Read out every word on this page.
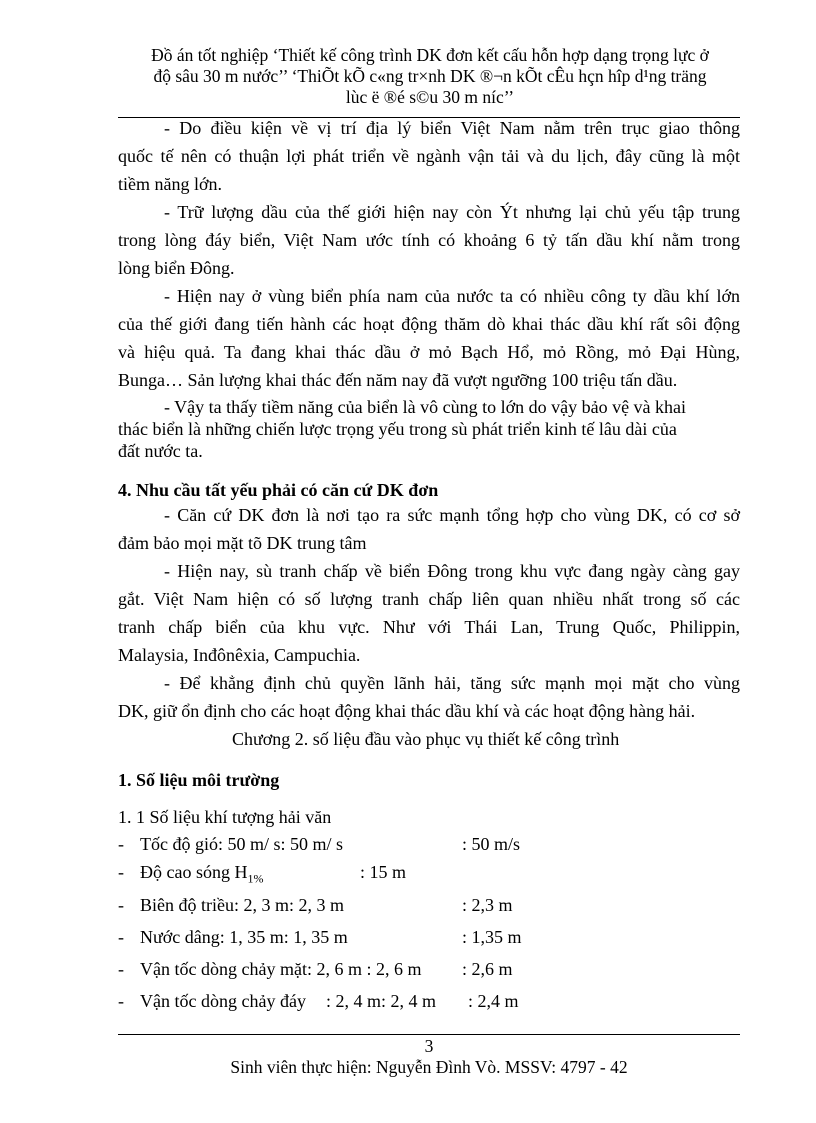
Đồ án tốt nghiệp ‘Thiết kế công trình DK đơn kết cấu hỗn hợp dạng trọng lực ở
độ sâu 30 m nước’’ ‘ThiÕt kÕ c«ng tr×nh DK ®¬n kÕt cÊu hçn hîp d¹ng träng
lùc ë ®é s©u 30 m níc’’
- Do điều kiện về vị trí địa lý biển Việt Nam nằm trên trục giao thông
quốc tế nên có thuận lợi phát triển về ngành vận tải và du lịch, đây cũng là một
tiềm năng lớn.
- Trữ lượng dầu của thế giới hiện nay còn Ýt nhưng lại chủ yếu tập trung
trong lòng đáy biển, Việt Nam ước tính có khoảng 6 tỷ tấn dầu khí nằm trong
lòng biển Đông.
- Hiện nay ở vùng biển phía nam của nước ta có nhiều công ty dầu khí lớn
của thế giới đang tiến hành các hoạt động thăm dò khai thác dầu khí rất sôi động
và hiệu quả. Ta đang khai thác dầu ở mỏ Bạch Hổ, mỏ Rồng, mỏ Đại Hùng,
Bunga… Sản lượng khai thác đến năm nay đã vượt ngưỡng 100 triệu tấn dầu.
- Vậy ta thấy tiềm năng của biển là vô cùng to lớn do vậy bảo vệ và khai
thác biển là những chiến lược trọng yếu trong sù phát triển kinh tế lâu dài của
đất nước ta.
4. Nhu cầu tất yếu phải có căn cứ DK đơn
- Căn cứ DK đơn là nơi tạo ra sức mạnh tổng hợp cho vùng DK, có cơ sở
đảm bảo mọi mặt tõ DK trung tâm
- Hiện nay, sù tranh chấp về biển Đông trong khu vực đang ngày càng gay
gắt. Việt Nam hiện có số lượng tranh chấp liên quan nhiều nhất trong số các
tranh chấp biển của khu vực. Như với Thái Lan, Trung Quốc, Philippin,
Malaysia, Inđônêxia, Campuchia.
- Để khẳng định chủ quyền lãnh hải, tăng sức mạnh mọi mặt cho vùng
DK, giữ ổn định cho các hoạt động khai thác dầu khí và các hoạt động hàng hải.
Chương 2. số liệu đầu vào phục vụ thiết kế công trình
1. Số liệu môi trường
1. 1 Số liệu khí tượng hải văn
- Tốc độ gió: 50 m/ s: 50 m/ s	: 50 m/s
- Độ cao sóng $H_{1\%}$	: 15 m
- Biên độ triều: 2, 3 m: 2, 3 m	: 2,3 m
- Nước dâng: 1, 35 m: 1, 35 m	: 1,35 m
- Vận tốc dòng chảy mặt: 2, 6 m : 2, 6 m : 2,6 m
- Vận tốc dòng chảy đáy : 2, 4 m: 2, 4 m : 2,4 m
3
Sinh viên thực hiện: Nguyễn Đình Vò. MSSV: 4797 - 42
